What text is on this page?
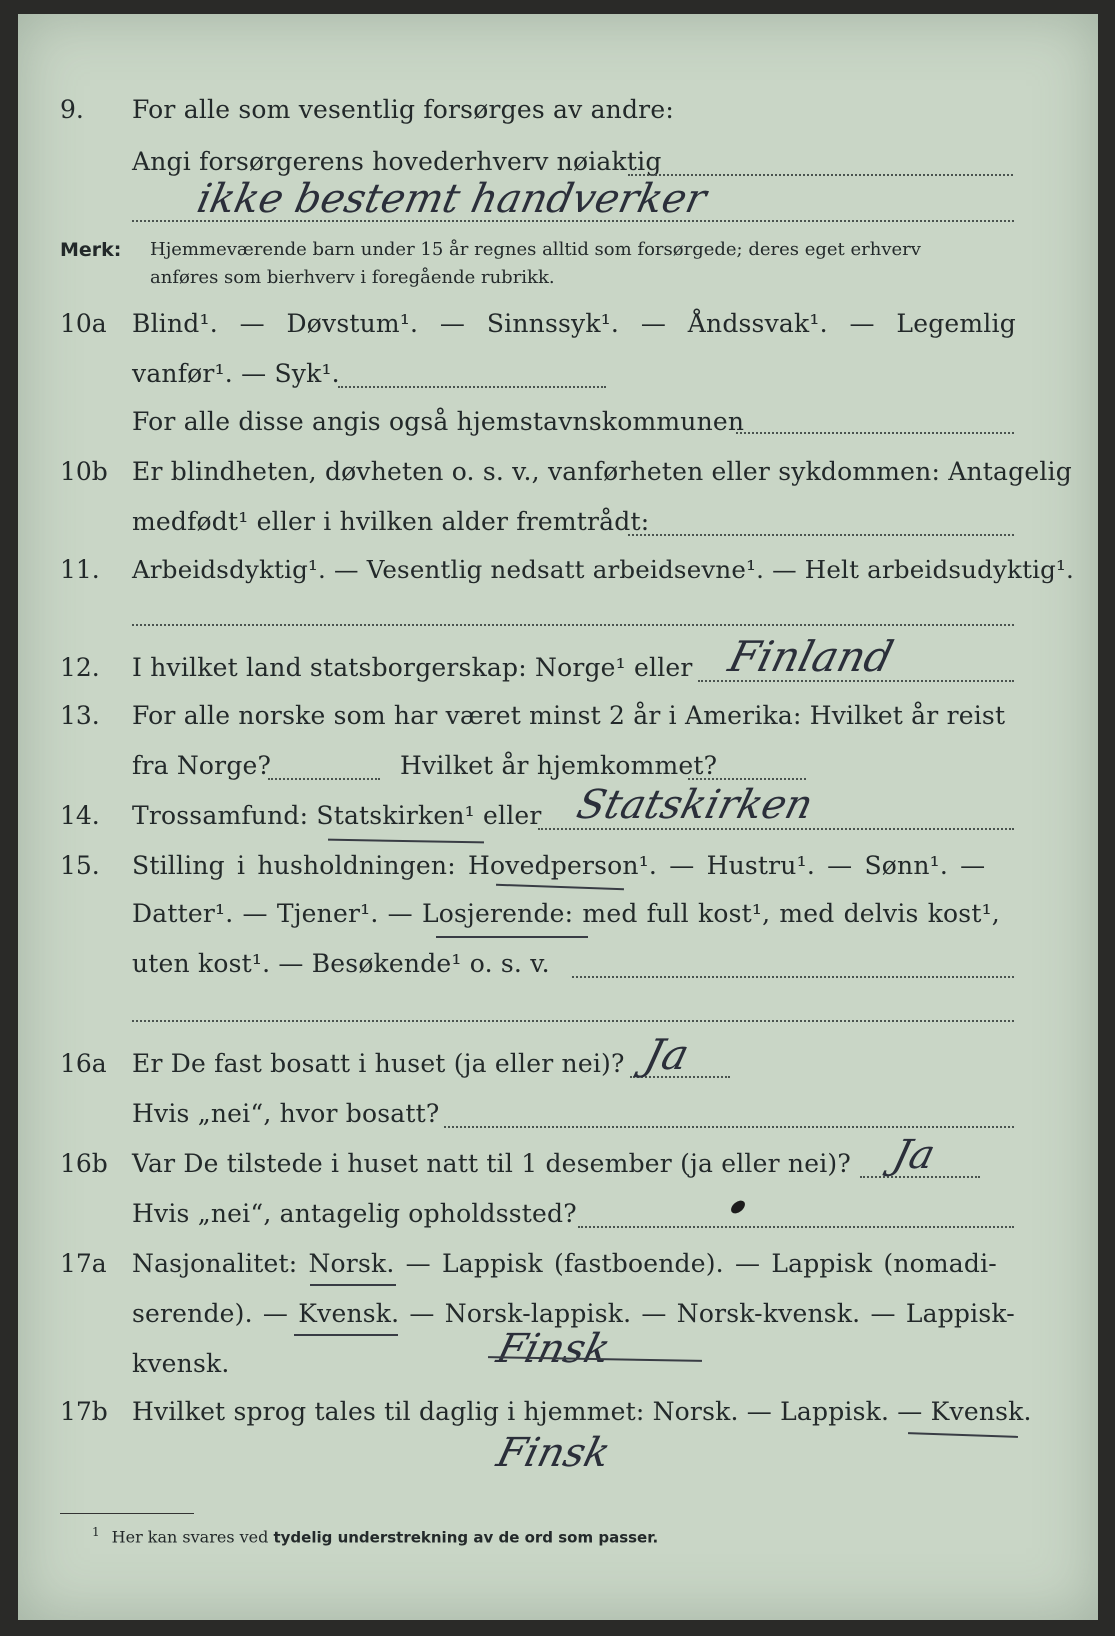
9.	For alle som vesentlig forsørges av andre:
Angi forsørgerens hovederhverv nøiaktig
ikke bestemt handverker
Merk: Hjemmeværende barn under 15 år regnes alltid som forsørgede; deres eget erhverv
anføres som bierhverv i foregående rubrikk.
10a	Blind¹. — Døvstum¹. — Sinnssyk¹. — Åndssvak¹. — Legemlig
vanfør¹. — Syk¹.
For alle disse angis også hjemstavnskommunen
10b Er blindheten, døvheten o. s. v., vanførheten eller sykdommen: Antagelig
medfødt¹ eller i hvilken alder fremtrådt:
11.	Arbeidsdyktig¹. — Vesentlig nedsatt arbeidsevne¹. — Helt arbeidsudyktig¹.
12.	I hvilket land statsborgerskap: Norge¹ eller Finland
13.	For alle norske som har været minst 2 år i Amerika: Hvilket år reist
fra Norge?	Hvilket år hjemkommet?
14.	Trossamfund: Statskirken¹ eller Statskirken
15.	Stilling i husholdningen: Hovedperson¹. — Hustru¹. — Sønn¹. —
Datter¹. — Tjener¹. — Losjerende: med full kost¹, med delvis kost¹,
uten kost¹. — Besøkende¹ o. s. v.
16a	Er De fast bosatt i huset (ja eller nei)? Ja
Hvis „nei“, hvor bosatt?
16b Var De tilstede i huset natt til 1 desember (ja eller nei)? Ja
Hvis „nei“, antagelig opholdssted?
17a	Nasjonalitet: Norsk. — Lappisk (fastboende). — Lappisk (nomadi-
serende). — Kvensk. — Norsk-lappisk. — Norsk-kvensk. — Lappisk-
kvensk.	Finsk
17b Hvilket sprog tales til daglig i hjemmet: Norsk. — Lappisk. — Kvensk.
Finsk
$^1$ Her kan svares ved tydelig understrekning av de ord som passer.
